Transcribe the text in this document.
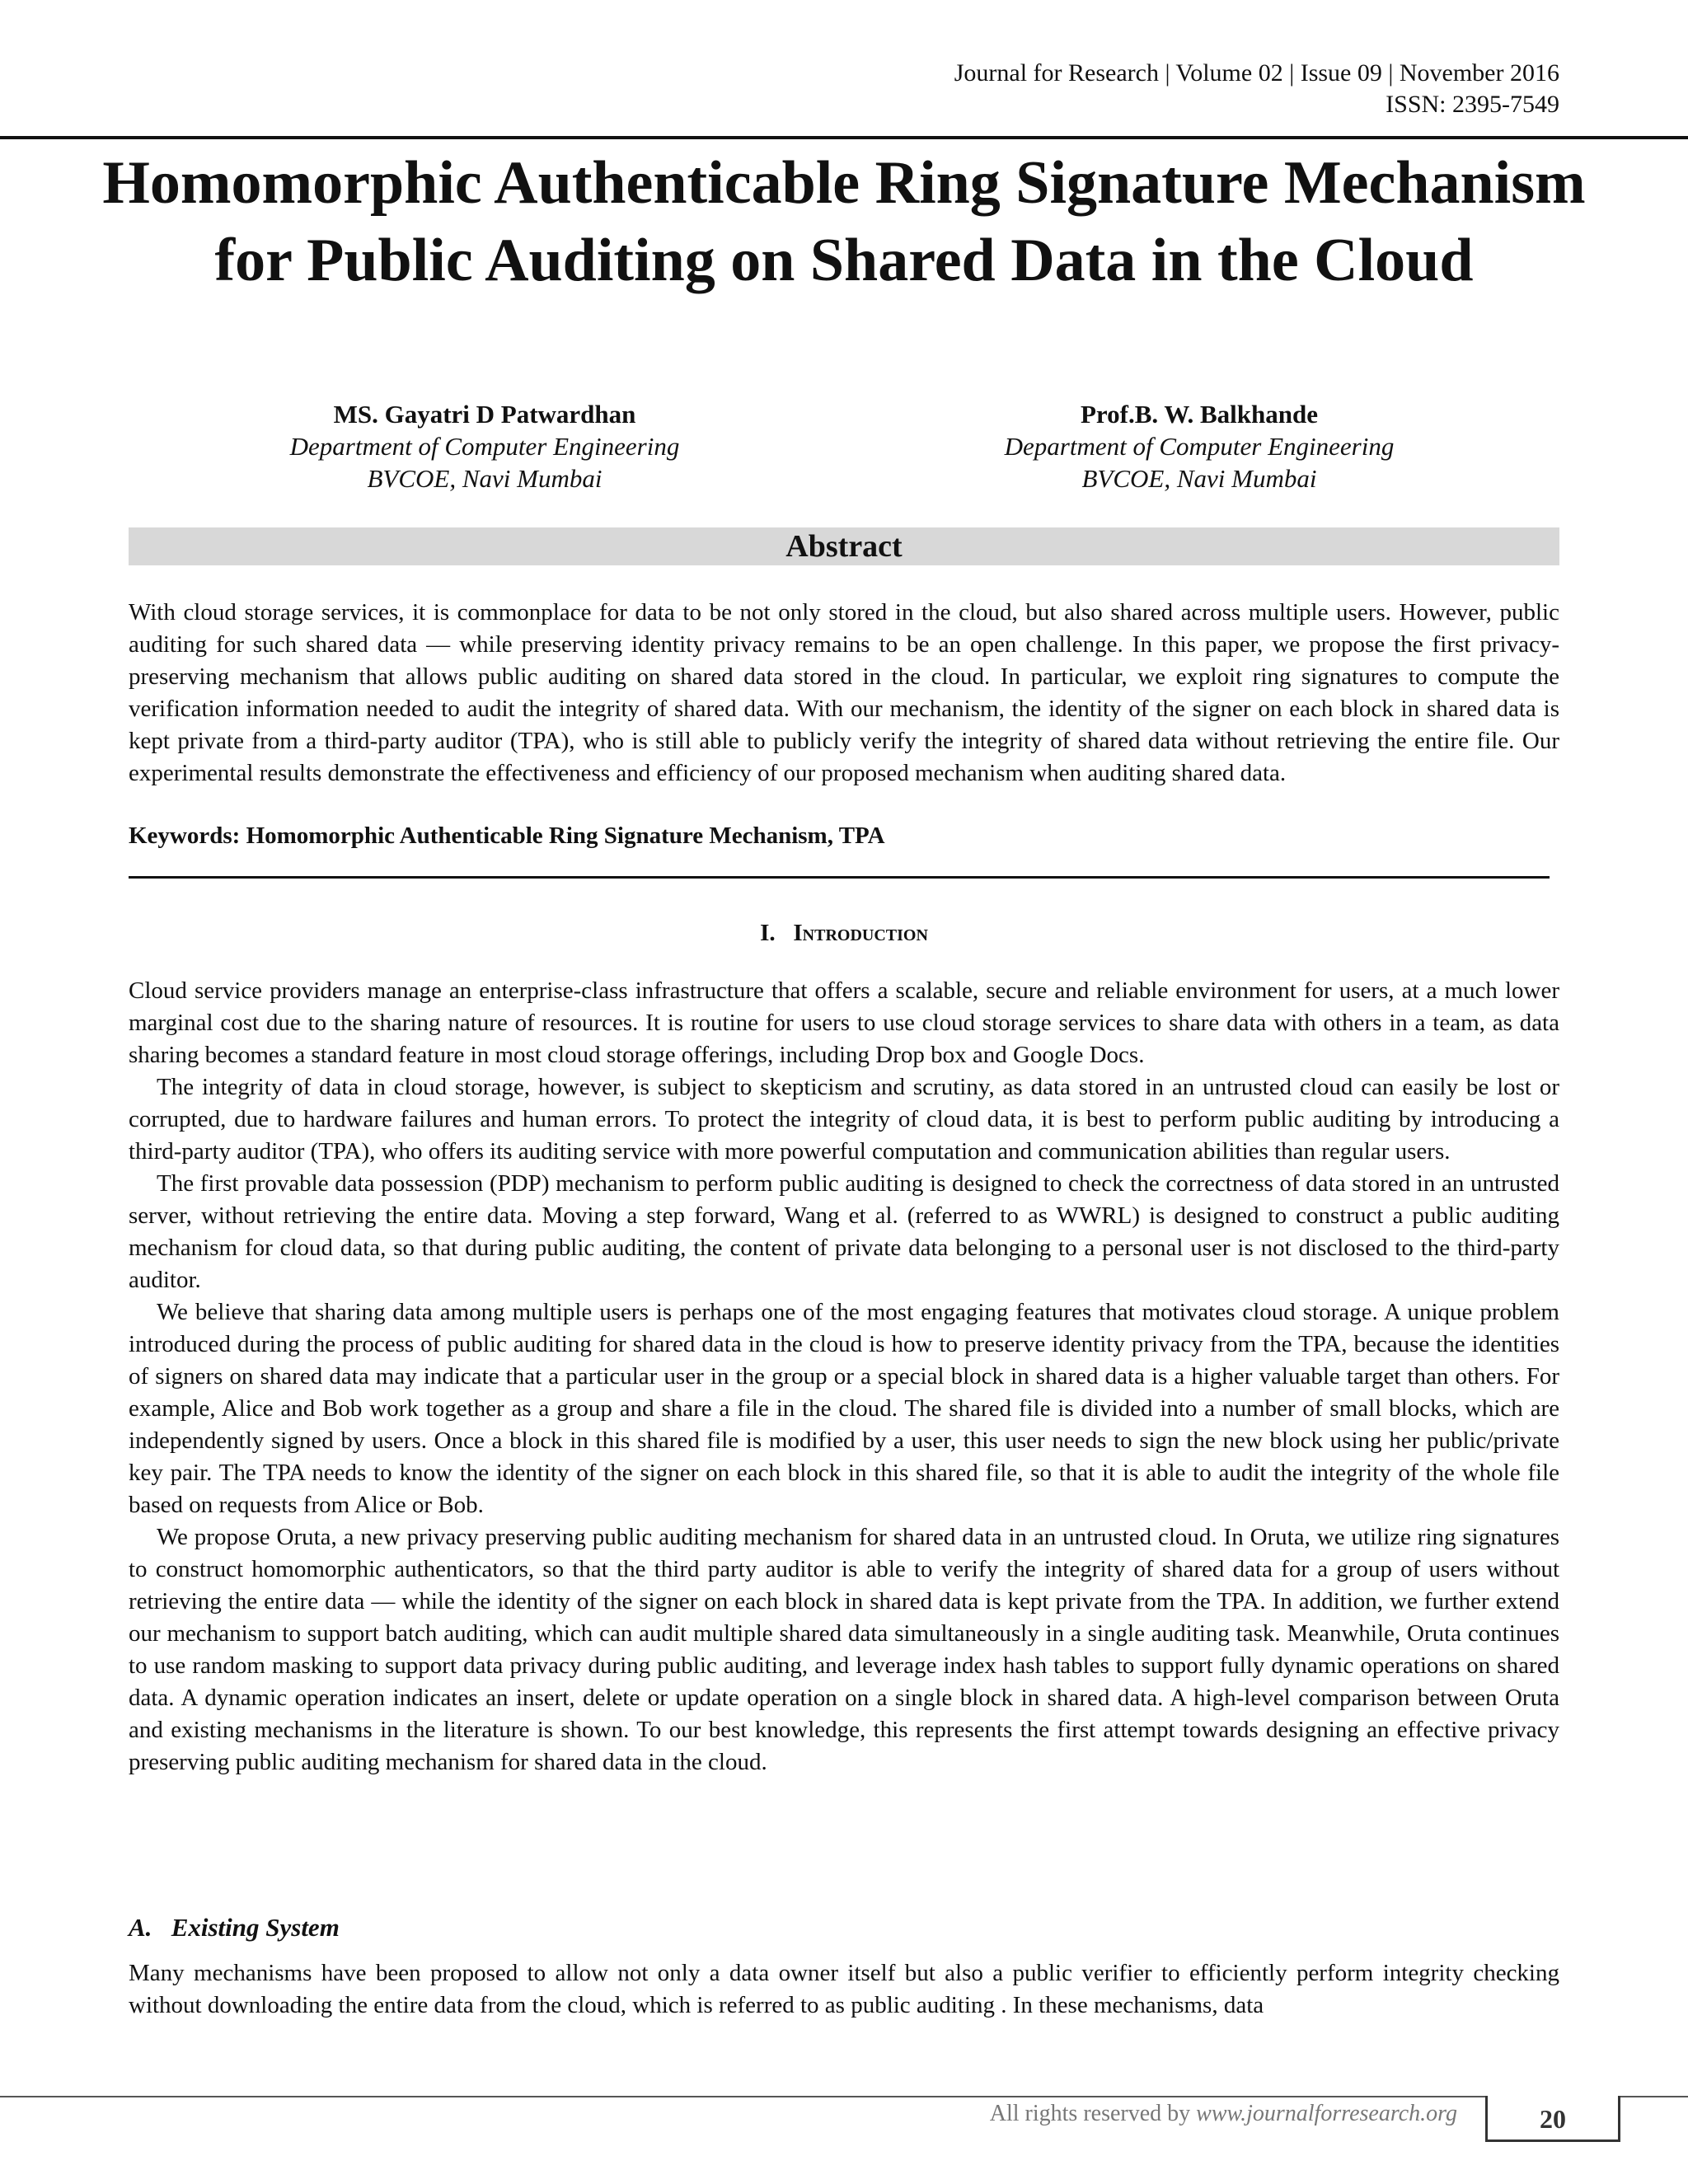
Journal for Research | Volume 02 | Issue 09 | November 2016
ISSN: 2395-7549
Homomorphic Authenticable Ring Signature Mechanism for Public Auditing on Shared Data in the Cloud
MS. Gayatri D Patwardhan
Department of Computer Engineering
BVCOE, Navi Mumbai
Prof.B. W. Balkhande
Department of Computer Engineering
BVCOE, Navi Mumbai
Abstract

With cloud storage services, it is commonplace for data to be not only stored in the cloud, but also shared across multiple users. However, public auditing for such shared data — while preserving identity privacy remains to be an open challenge. In this paper, we propose the first privacy-preserving mechanism that allows public auditing on shared data stored in the cloud. In particular, we exploit ring signatures to compute the verification information needed to audit the integrity of shared data. With our mechanism, the identity of the signer on each block in shared data is kept private from a third-party auditor (TPA), who is still able to publicly verify the integrity of shared data without retrieving the entire file. Our experimental results demonstrate the effectiveness and efficiency of our proposed mechanism when auditing shared data.

Keywords: Homomorphic Authenticable Ring Signature Mechanism, TPA
I. Introduction

Cloud service providers manage an enterprise-class infrastructure that offers a scalable, secure and reliable environment for users, at a much lower marginal cost due to the sharing nature of resources. It is routine for users to use cloud storage services to share data with others in a team, as data sharing becomes a standard feature in most cloud storage offerings, including Drop box and Google Docs.

The integrity of data in cloud storage, however, is subject to skepticism and scrutiny, as data stored in an untrusted cloud can easily be lost or corrupted, due to hardware failures and human errors. To protect the integrity of cloud data, it is best to perform public auditing by introducing a third-party auditor (TPA), who offers its auditing service with more powerful computation and communication abilities than regular users.

The first provable data possession (PDP) mechanism to perform public auditing is designed to check the correctness of data stored in an untrusted server, without retrieving the entire data. Moving a step forward, Wang et al. (referred to as WWRL) is designed to construct a public auditing mechanism for cloud data, so that during public auditing, the content of private data belonging to a personal user is not disclosed to the third-party auditor.

We believe that sharing data among multiple users is perhaps one of the most engaging features that motivates cloud storage. A unique problem introduced during the process of public auditing for shared data in the cloud is how to preserve identity privacy from the TPA, because the identities of signers on shared data may indicate that a particular user in the group or a special block in shared data is a higher valuable target than others. For example, Alice and Bob work together as a group and share a file in the cloud. The shared file is divided into a number of small blocks, which are independently signed by users. Once a block in this shared file is modified by a user, this user needs to sign the new block using her public/private key pair. The TPA needs to know the identity of the signer on each block in this shared file, so that it is able to audit the integrity of the whole file based on requests from Alice or Bob.

We propose Oruta, a new privacy preserving public auditing mechanism for shared data in an untrusted cloud. In Oruta, we utilize ring signatures to construct homomorphic authenticators, so that the third party auditor is able to verify the integrity of shared data for a group of users without retrieving the entire data — while the identity of the signer on each block in shared data is kept private from the TPA. In addition, we further extend our mechanism to support batch auditing, which can audit multiple shared data simultaneously in a single auditing task. Meanwhile, Oruta continues to use random masking to support data privacy during public auditing, and leverage index hash tables to support fully dynamic operations on shared data. A dynamic operation indicates an insert, delete or update operation on a single block in shared data. A high-level comparison between Oruta and existing mechanisms in the literature is shown. To our best knowledge, this represents the first attempt towards designing an effective privacy preserving public auditing mechanism for shared data in the cloud.

A. Existing System

Many mechanisms have been proposed to allow not only a data owner itself but also a public verifier to efficiently perform integrity checking without downloading the entire data from the cloud, which is referred to as public auditing . In these mechanisms, data

All rights reserved by www.journalforresearch.org	20
